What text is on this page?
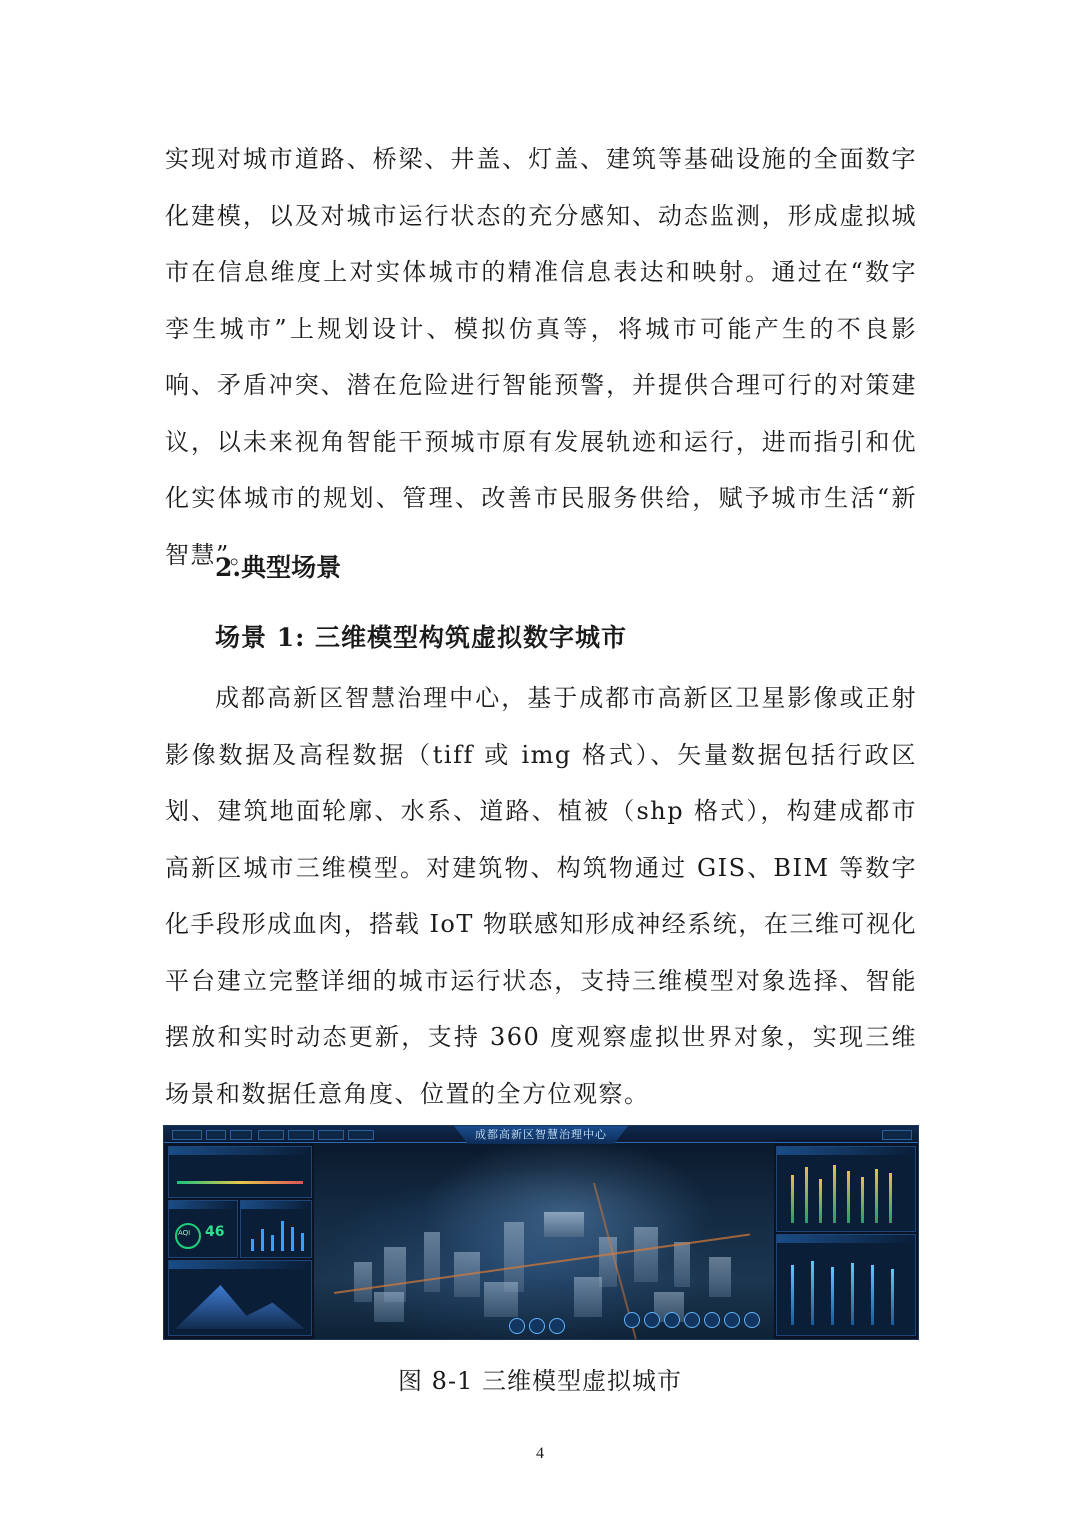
实现对城市道路、桥梁、井盖、灯盖、建筑等基础设施的全面数字化建模，以及对城市运行状态的充分感知、动态监测，形成虚拟城市在信息维度上对实体城市的精准信息表达和映射。通过在“数字孪生城市”上规划设计、模拟仿真等，将城市可能产生的不良影响、矛盾冲突、潜在危险进行智能预警，并提供合理可行的对策建议，以未来视角智能干预城市原有发展轨迹和运行，进而指引和优化实体城市的规划、管理、改善市民服务供给，赋予城市生活“新智慧”。

2.典型场景

场景 1: 三维模型构筑虚拟数字城市

成都高新区智慧治理中心，基于成都市高新区卫星影像或正射影像数据及高程数据（tiff 或 img 格式）、矢量数据包括行政区划、建筑地面轮廓、水系、道路、植被（shp 格式），构建成都市高新区城市三维模型。对建筑物、构筑物通过 GIS、BIM 等数字化手段形成血肉，搭载 IoT 物联感知形成神经系统，在三维可视化平台建立完整详细的城市运行状态，支持三维模型对象选择、智能摆放和实时动态更新，支持 360 度观察虚拟世界对象，实现三维场景和数据任意角度、位置的全方位观察。

成都高新区智慧治理中心
AQI 46

图 8-1 三维模型虚拟城市

4
